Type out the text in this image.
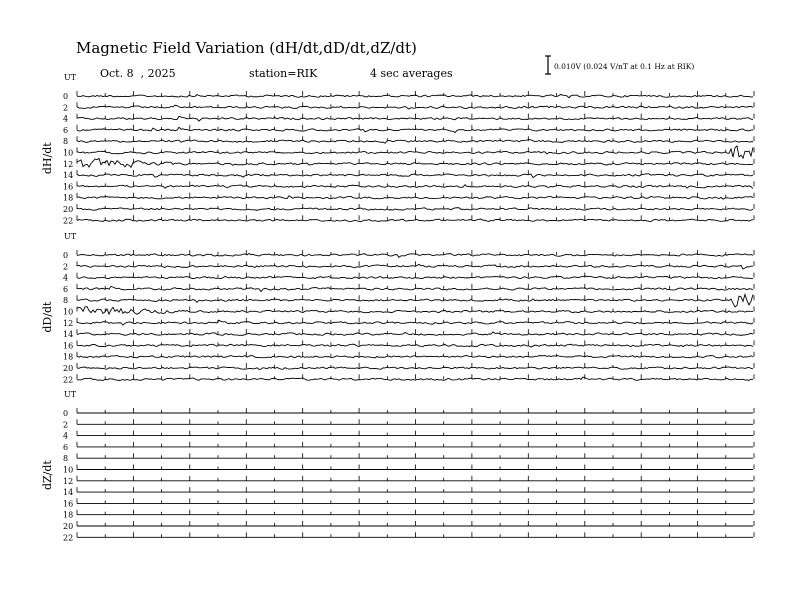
Magnetic Field Variation (dH/dt,dD/dt,dZ/dt)
Oct. 8  , 2025	station=RIK	4 sec averages
0.010V (0.024 V/nT at 0.1 Hz at RIK)
UT
dH/dt
0
2
4
6
8
10
12
14
16
18
20
22
UT
dD/dt
0
2
4
6
8
10
12
14
16
18
20
22
UT
dZ/dt
0
2
4
6
8
10
12
14
16
18
20
22
